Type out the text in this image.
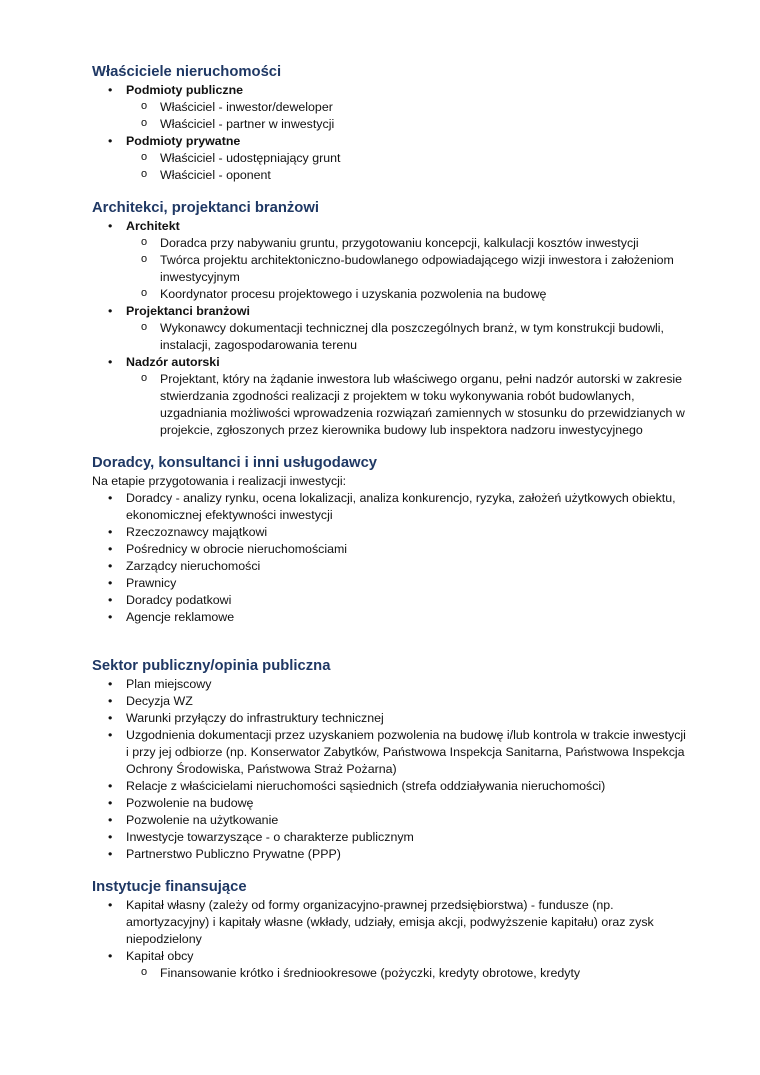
Właściciele nieruchomości
• Podmioty publiczne
o Właściciel - inwestor/deweloper
o Właściciel - partner w inwestycji
• Podmioty prywatne
o Właściciel - udostępniający grunt
o Właściciel - oponent
Architekci, projektanci branżowi
• Architekt
o Doradca przy nabywaniu gruntu, przygotowaniu koncepcji, kalkulacji kosztów inwestycji
o Twórca projektu architektoniczno-budowlanego odpowiadającego wizji inwestora i założeniom inwestycyjnym
o Koordynator procesu projektowego i uzyskania pozwolenia na budowę
• Projektanci branżowi
o Wykonawcy dokumentacji technicznej dla poszczególnych branż, w tym konstrukcji budowli, instalacji, zagospodarowania terenu
• Nadzór autorski
o Projektant, który na żądanie inwestora lub właściwego organu, pełni nadzór autorski w zakresie stwierdzania zgodności realizacji z projektem w toku wykonywania robót budowlanych, uzgadniania możliwości wprowadzenia rozwiązań zamiennych w stosunku do przewidzianych w projekcie, zgłoszonych przez kierownika budowy lub inspektora nadzoru inwestycyjnego
Doradcy, konsultanci i inni usługodawcy

Na etapie przygotowania i realizacji inwestycji:

• Doradcy - analizy rynku, ocena lokalizacji, analiza konkurencjo, ryzyka, założeń użytkowych obiektu, ekonomicznej efektywności inwestycji
• Rzeczoznawcy majątkowi
• Pośrednicy w obrocie nieruchomościami
• Zarządcy nieruchomości
• Prawnicy
• Doradcy podatkowi
• Agencje reklamowe
Sektor publiczny/opinia publiczna
• Plan miejscowy
• Decyzja WZ
• Warunki przyłączy do infrastruktury technicznej
• Uzgodnienia dokumentacji przez uzyskaniem pozwolenia na budowę i/lub kontrola w trakcie inwestycji i przy jej odbiorze (np. Konserwator Zabytków, Państwowa Inspekcja Sanitarna, Państwowa Inspekcja Ochrony Środowiska, Państwowa Straż Pożarna)
• Relacje z właścicielami nieruchomości sąsiednich (strefa oddziaływania nieruchomości)
• Pozwolenie na budowę
• Pozwolenie na użytkowanie
• Inwestycje towarzyszące - o charakterze publicznym
• Partnerstwo Publiczno Prywatne (PPP)
Instytucje finansujące
• Kapitał własny (zależy od formy organizacyjno-prawnej przedsiębiorstwa) - fundusze (np. amortyzacyjny) i kapitały własne (wkłady, udziały, emisja akcji, podwyższenie kapitału) oraz zysk niepodzielony
• Kapitał obcy
o Finansowanie krótko i średniookresowe (pożyczki, kredyty obrotowe, kredyty
